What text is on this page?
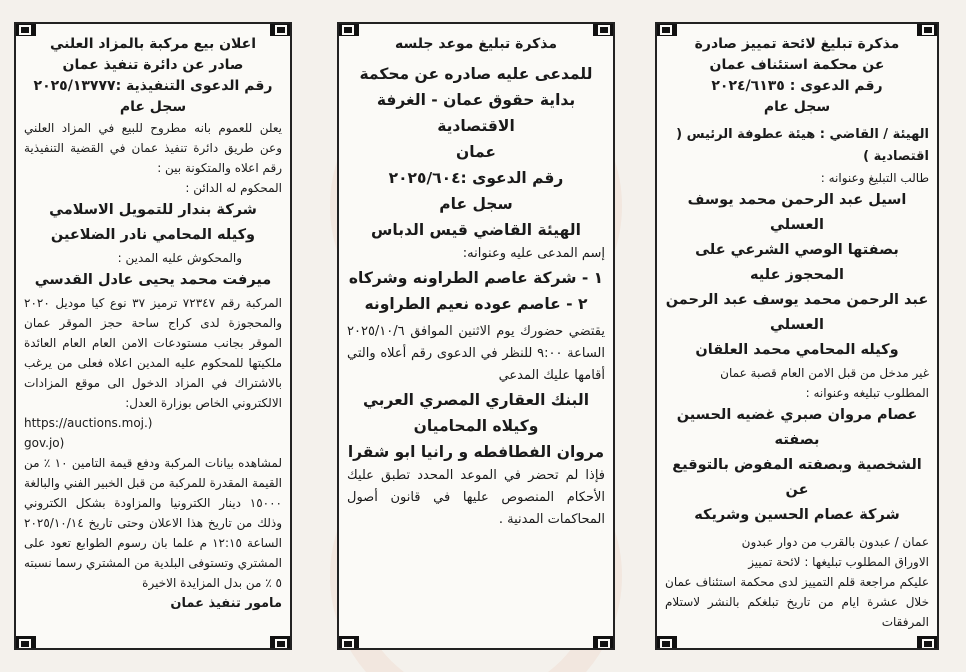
مذكرة تبليغ لائحة تمييز صادرة

عن محكمة استئناف عمان

رقم الدعوى : ٢٠٢٤/٦١٣٥

سجل عام

الهيئة / القاضي : هيئة عطوفة الرئيس ( اقتصادية )

طالب التبليغ وعنوانه :

اسيل عبد الرحمن محمد يوسف العسلي

بصفتها الوصي الشرعي على المحجوز عليه

عبد الرحمن محمد يوسف عبد الرحمن

العسلي

وكيله المحامي محمد العلقان

غير مدخل من قبل الامن العام قصبة عمان

المطلوب تبليغه وعنوانه :

عصام مروان صبري غضيه الحسين بصفته

الشخصية وبصفته المفوض بالتوقيع عن

شركة عصام الحسين وشريكه

عمان / عبدون بالقرب من دوار عبدون

الاوراق المطلوب تبليغها : لائحة تمييز

عليكم مراجعة قلم التمييز لدى محكمة استئناف عمان خلال عشرة ايام من تاريخ تبلغكم بالنشر لاستلام المرفقات

مذكرة تبليغ موعد جلسه

للمدعى عليه صادره عن محكمة

بداية حقوق عمان - الغرفة الاقتصادية

عمان

رقم الدعوى :٢٠٢٥/٦٠٤

سجل عام

الهيئة القاضي قيس الدباس

إسم المدعى عليه وعنوانه:

١ - شركة عاصم الطراونه وشركاه

٢ - عاصم عوده نعيم الطراونه

يقتضي حضورك يوم الاثنين الموافق ٢٠٢٥/١٠/٦ الساعة ٩:٠٠ للنظر في الدعوى رقم أعلاه والتي أقامها عليك المدعي

البنك العقاري المصري العربي

وكيلاه المحاميان

مروان الفطافطه و رانيا ابو شقرا

فإذا لم تحضر في الموعد المحدد تطبق عليك الأحكام المنصوص عليها في قانون أصول المحاكمات المدنية .

اعلان بيع مركبة بالمزاد العلني

صادر عن دائرة تنفيذ عمان

رقم الدعوى التنفيذية :٢٠٢٥/١٣٧٧٧

سجل عام

يعلن للعموم بانه مطروح للبيع في المزاد العلني وعن طريق دائرة تنفيذ عمان في القضية التنفيذية رقم اعلاه والمتكونة بين :

المحكوم له الدائن :

شركة بندار للتمويل الاسلامي

وكيله المحامي نادر الضلاعين

والمحكوش عليه المدين :

ميرفت محمد يحيى عادل القدسي

المركبة رقم ٧٢٣٤٧ ترميز ٣٧ نوع كيا موديل ٢٠٢٠ والمحجوزة لدى كراج ساحة حجز الموقر عمان الموقر بجانب مستودعات الامن العام العام العائدة ملكيتها للمحكوم عليه المدين اعلاه فعلى من يرغب بالاشتراك في المزاد الدخول الى موقع المزادات الالكتروني الخاص بوزارة العدل:

https://auctions.moj.)

gov.jo)

لمشاهده بيانات المركبة ودفع قيمة التامين ١٠ ٪ من القيمة المقدرة للمركبة من قبل الخبير الفني والبالغة ١٥٠٠٠ دينار الكترونيا والمزاودة بشكل الكتروني وذلك من تاريخ هذا الاعلان وحتى تاريخ ٢٠٢٥/١٠/١٤ الساعة ١٢:١٥ م علما بان رسوم الطوابع تعود على المشتري وتستوفى البلدية من المشتري رسما نسبته ٥ ٪ من بدل المزايدة الاخيرة

مامور تنفيذ عمان
